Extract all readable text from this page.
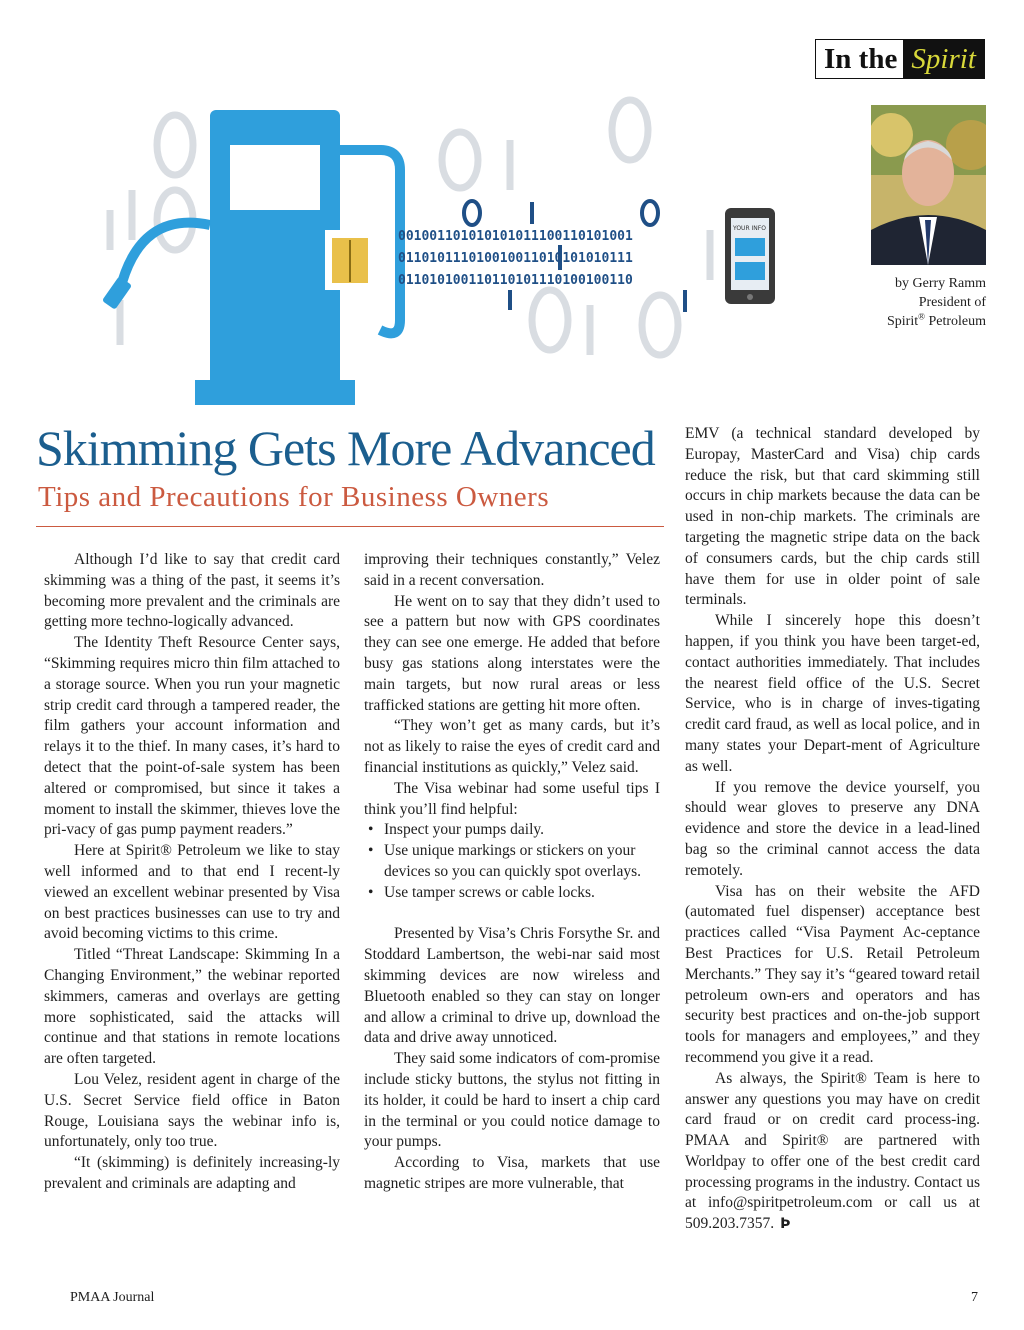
In the Spirit
001001101010101011100110101001
011010111010010011010101010111
011010100110110101110100100110
YOUR INFO
by Gerry Ramm
President of
Spirit® Petroleum
Skimming Gets More Advanced
Tips and Precautions for Business Owners

Although I’d like to say that credit card skimming was a thing of the past, it seems it’s becoming more prevalent and the criminals are getting more techno-logically advanced.

The Identity Theft Resource Center says, “Skimming requires micro thin film attached to a storage source. When you run your magnetic strip credit card through a tampered reader, the film gathers your account information and relays it to the thief. In many cases, it’s hard to detect that the point-of-sale system has been altered or compromised, but since it takes a moment to install the skimmer, thieves love the pri-vacy of gas pump payment readers.”

Here at Spirit® Petroleum we like to stay well informed and to that end I recent-ly viewed an excellent webinar presented by Visa on best practices businesses can use to try and avoid becoming victims to this crime.

Titled “Threat Landscape: Skimming In a Changing Environment,” the webinar reported skimmers, cameras and overlays are getting more sophisticated, said the attacks will continue and that stations in remote locations are often targeted.

Lou Velez, resident agent in charge of the U.S. Secret Service field office in Baton Rouge, Louisiana says the webinar info is, unfortunately, only too true.

“It (skimming) is definitely increasing-ly prevalent and criminals are adapting and

improving their techniques constantly,” Velez said in a recent conversation.

He went on to say that they didn’t used to see a pattern but now with GPS coordinates they can see one emerge. He added that before busy gas stations along interstates were the main targets, but now rural areas or less trafficked stations are getting hit more often.

“They won’t get as many cards, but it’s not as likely to raise the eyes of credit card and financial institutions as quickly,” Velez said.

The Visa webinar had some useful tips I think you’ll find helpful:

• Inspect your pumps daily.
• Use unique markings or stickers on your devices so you can quickly spot overlays.
• Use tamper screws or cable locks.

Presented by Visa’s Chris Forsythe Sr. and Stoddard Lambertson, the webi-nar said most skimming devices are now wireless and Bluetooth enabled so they can stay on longer and allow a criminal to drive up, download the data and drive away unnoticed.

They said some indicators of com-promise include sticky buttons, the stylus not fitting in its holder, it could be hard to insert a chip card in the terminal or you could notice damage to your pumps.

According to Visa, markets that use magnetic stripes are more vulnerable, that

EMV (a technical standard developed by Europay, MasterCard and Visa) chip cards reduce the risk, but that card skimming still occurs in chip markets because the data can be used in non-chip markets. The criminals are targeting the magnetic stripe data on the back of consumers cards, but the chip cards still have them for use in older point of sale terminals.

While I sincerely hope this doesn’t happen, if you think you have been target-ed, contact authorities immediately. That includes the nearest field office of the U.S. Secret Service, who is in charge of inves-tigating credit card fraud, as well as local police, and in many states your Depart-ment of Agriculture as well.

If you remove the device yourself, you should wear gloves to preserve any DNA evidence and store the device in a lead-lined bag so the criminal cannot access the data remotely.

Visa has on their website the AFD (automated fuel dispenser) acceptance best practices called “Visa Payment Ac-ceptance Best Practices for U.S. Retail Petroleum Merchants.” They say it’s “geared toward retail petroleum own-ers and operators and has security best practices and on-the-job support tools for managers and employees,” and they recommend you give it a read.

As always, the Spirit® Team is here to answer any questions you may have on credit card fraud or on credit card process-ing. PMAA and Spirit® are partnered with Worldpay to offer one of the best credit card processing programs in the industry. Contact us at info@spiritpetroleum.com or call us at 509.203.7357. Þ

PMAA Journal	7
